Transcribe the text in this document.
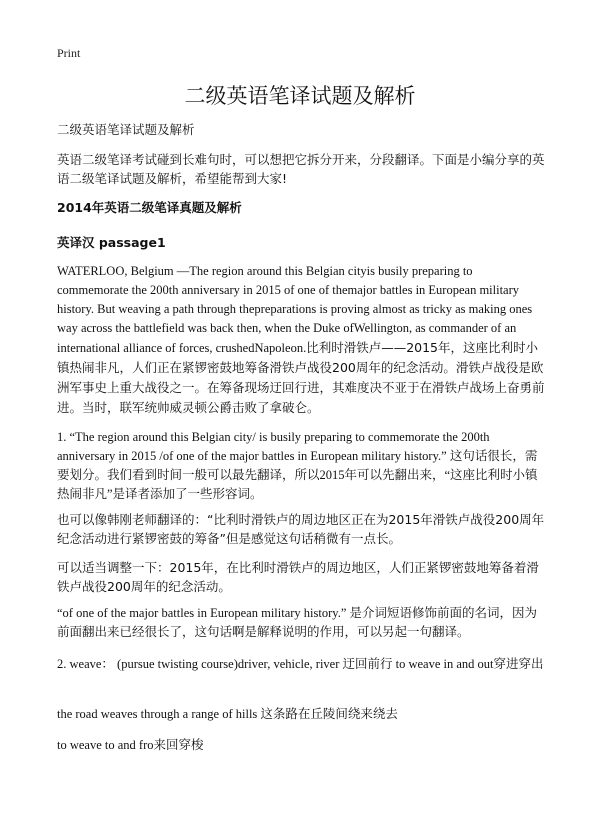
Print
二级英语笔译试题及解析

二级英语笔译试题及解析

英语二级笔译考试碰到长难句时，可以想把它拆分开来，分段翻译。下面是小编分享的英语二级笔译试题及解析，希望能帮到大家!

2014年英语二级笔译真题及解析

英译汉 passage1

WATERLOO, Belgium —The region around this Belgian cityis busily preparing to commemorate the 200th anniversary in 2015 of one of themajor battles in European military history. But weaving a path through thepreparations is proving almost as tricky as making ones way across the battlefield was back then, when the Duke ofWellington, as commander of an international alliance of forces, crushedNapoleon.比利时滑铁卢——2015年，这座比利时小镇热闹非凡，人们正在紧锣密鼓地筹备滑铁卢战役200周年的纪念活动。滑铁卢战役是欧洲军事史上重大战役之一。在筹备现场迂回行进，其难度决不亚于在滑铁卢战场上奋勇前进。当时，联军统帅威灵顿公爵击败了拿破仑。

1. “The region around this Belgian city/ is busily preparing to commemorate the 200th anniversary in 2015 /of one of the major battles in European military history.” 这句话很长，需要划分。我们看到时间一般可以最先翻译，所以2015年可以先翻出来，“这座比利时小镇热闹非凡”是译者添加了一些形容词。

也可以像韩刚老师翻译的：“比利时滑铁卢的周边地区正在为2015年滑铁卢战役200周年纪念活动进行紧锣密鼓的筹备”但是感觉这句话稍微有一点长。

可以适当调整一下：2015年，在比利时滑铁卢的周边地区，人们正紧锣密鼓地筹备着滑铁卢战役200周年的纪念活动。

“of one of the major battles in European military history.” 是介词短语修饰前面的名词，因为前面翻出来已经很长了，这句话啊是解释说明的作用，可以另起一句翻译。

2. weave： (pursue twisting course)driver, vehicle, river 迂回前行 to weave in and out穿进穿出

the road weaves through a range of hills 这条路在丘陵间绕来绕去

to weave to and fro来回穿梭
